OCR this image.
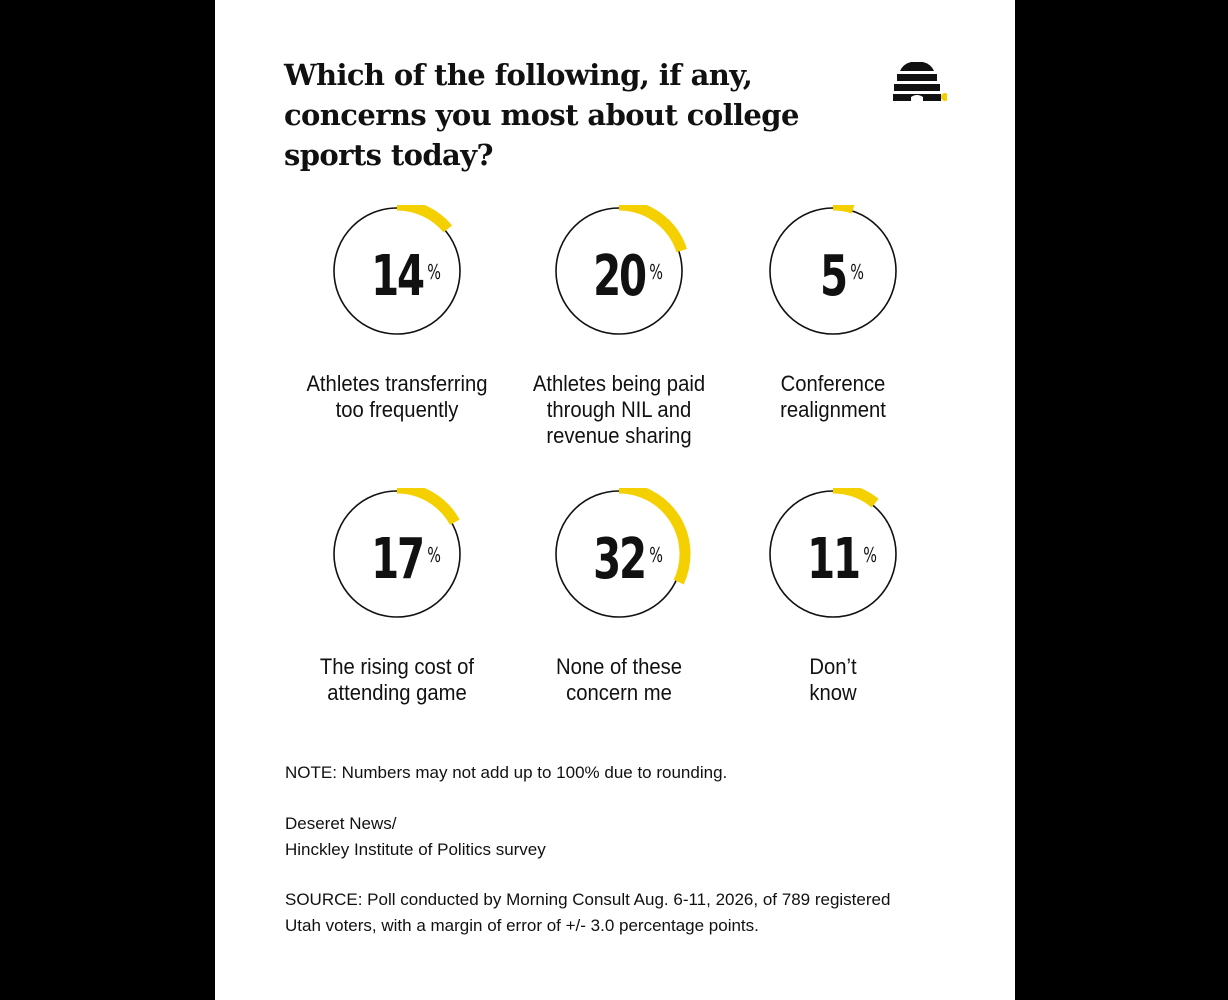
Which of the following, if any, concerns you most about college sports today?
14 %

Athletes transferring
too frequently

20 %

Athletes being paid
through NIL and
revenue sharing

5 %

Conference
realignment

17 %

The rising cost of
attending game

32 %

None of these
concern me

11 %

Don’t
know

NOTE: Numbers may not add up to 100% due to rounding.

Deseret News/
Hinckley Institute of Politics survey
SOURCE: Poll conducted by Morning Consult Aug. 6-11, 2026, of 789 registered
Utah voters, with a margin of error of +/- 3.0 percentage points.
